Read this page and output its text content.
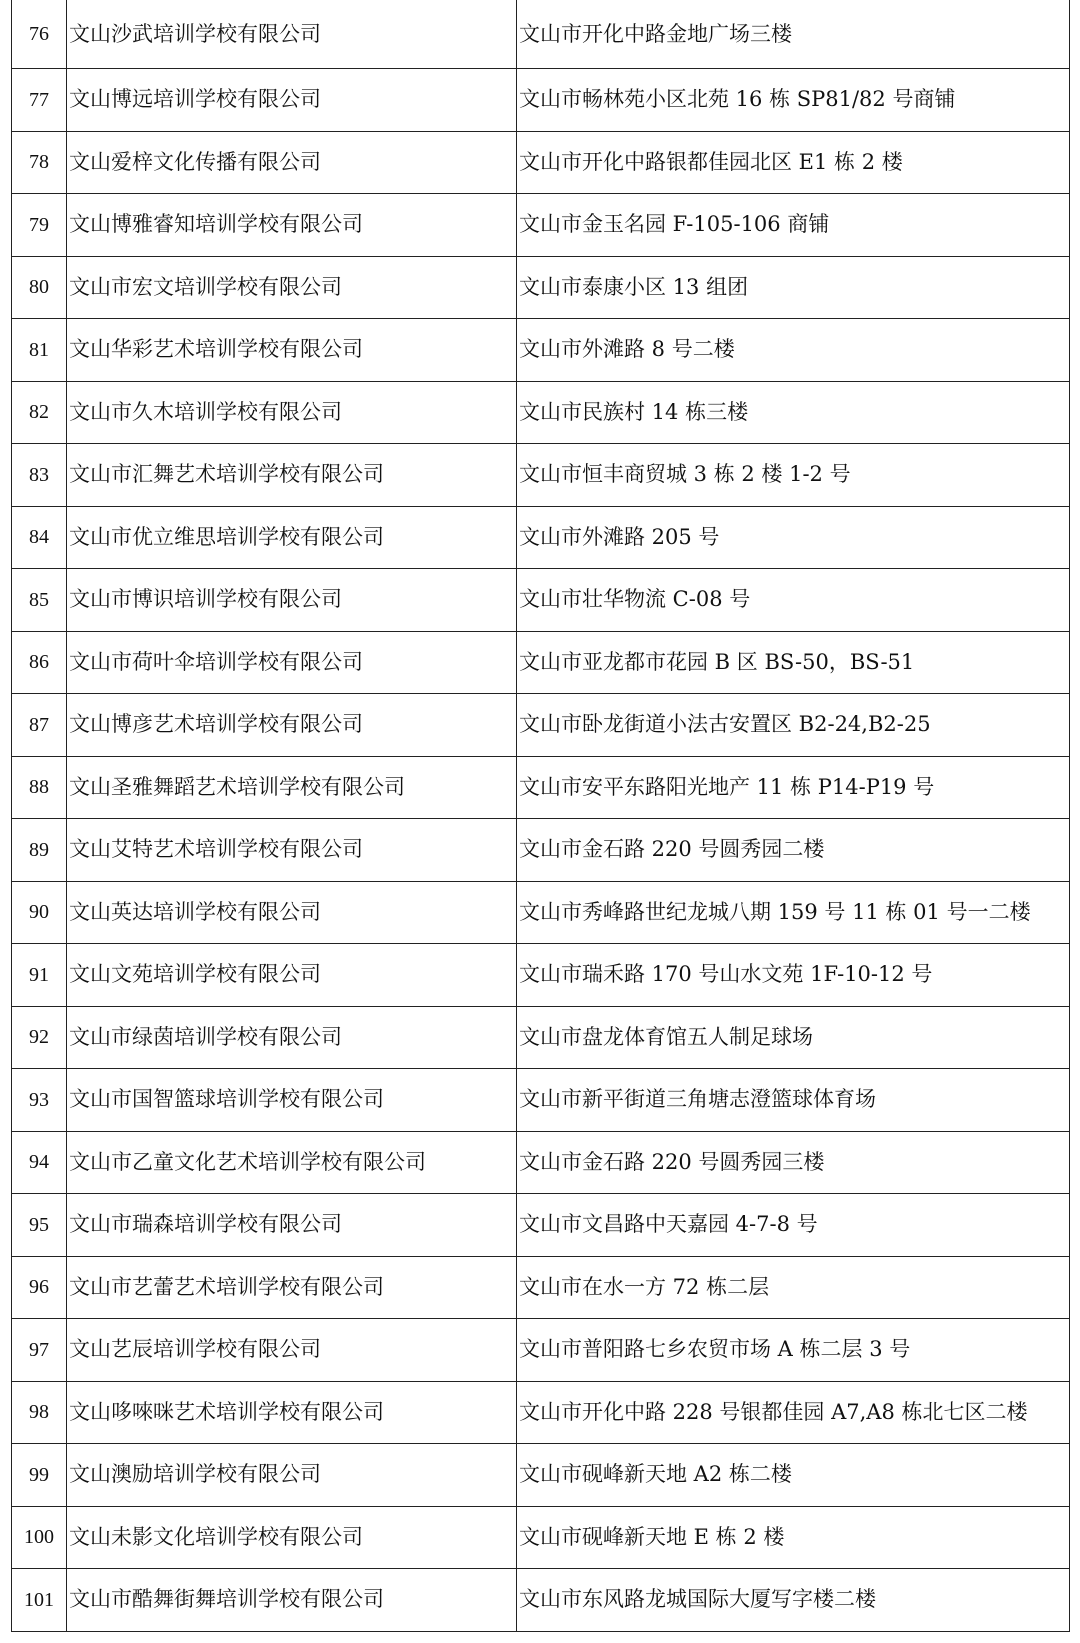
76	文山沙武培训学校有限公司	文山市开化中路金地广场三楼
77	文山博远培训学校有限公司	文山市畅林苑小区北苑 16 栋 SP81/82 号商铺
78	文山爱梓文化传播有限公司	文山市开化中路银都佳园北区 E1 栋 2 楼
79	文山博雅睿知培训学校有限公司	文山市金玉名园 F-105-106 商铺
80	文山市宏文培训学校有限公司	文山市泰康小区 13 组团
81	文山华彩艺术培训学校有限公司	文山市外滩路 8 号二楼
82	文山市久木培训学校有限公司	文山市民族村 14 栋三楼
83	文山市汇舞艺术培训学校有限公司	文山市恒丰商贸城 3 栋 2 楼 1-2 号
84	文山市优立维思培训学校有限公司	文山市外滩路 205 号
85	文山市博识培训学校有限公司	文山市壮华物流 C-08 号
86	文山市荷叶伞培训学校有限公司	文山市亚龙都市花园 B 区 BS-50，BS-51
87	文山博彦艺术培训学校有限公司	文山市卧龙街道小法古安置区 B2-24,B2-25
88	文山圣雅舞蹈艺术培训学校有限公司	文山市安平东路阳光地产 11 栋 P14-P19 号
89	文山艾特艺术培训学校有限公司	文山市金石路 220 号圆秀园二楼
90	文山英达培训学校有限公司	文山市秀峰路世纪龙城八期 159 号 11 栋 01 号一二楼
91	文山文苑培训学校有限公司	文山市瑞禾路 170 号山水文苑 1F-10-12 号
92	文山市绿茵培训学校有限公司	文山市盘龙体育馆五人制足球场
93	文山市国智篮球培训学校有限公司	文山市新平街道三角塘志澄篮球体育场
94	文山市乙童文化艺术培训学校有限公司	文山市金石路 220 号圆秀园三楼
95	文山市瑞森培训学校有限公司	文山市文昌路中天嘉园 4-7-8 号
96	文山市艺蕾艺术培训学校有限公司	文山市在水一方 72 栋二层
97	文山艺辰培训学校有限公司	文山市普阳路七乡农贸市场 A 栋二层 3 号
98	文山哆唻咪艺术培训学校有限公司	文山市开化中路 228 号银都佳园 A7,A8 栋北七区二楼
99	文山澳励培训学校有限公司	文山市砚峰新天地 A2 栋二楼
100	文山未影文化培训学校有限公司	文山市砚峰新天地 E 栋 2 楼
101	文山市酷舞街舞培训学校有限公司	文山市东风路龙城国际大厦写字楼二楼
